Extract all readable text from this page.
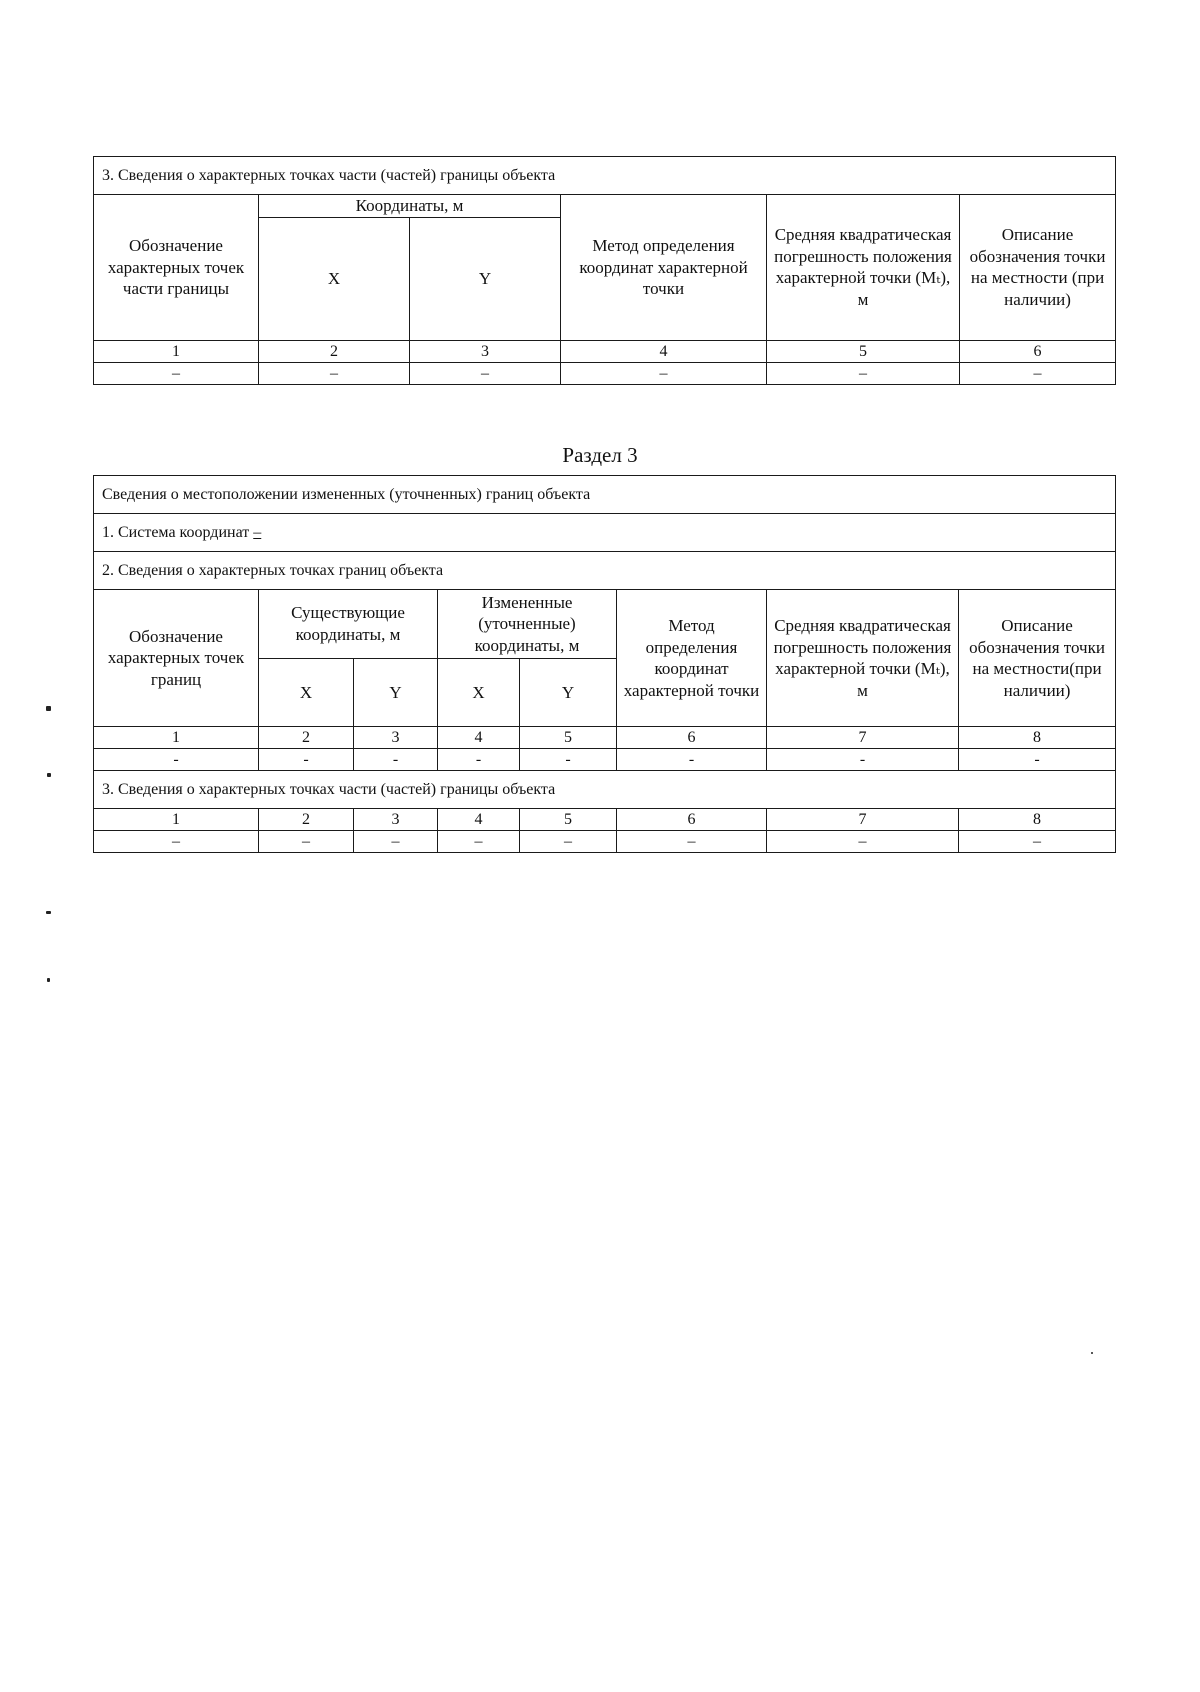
3. Сведения о характерных точках части (частей) границы объекта					
Обозначение характерных точек части границы	Координаты, м		Метод определения координат характерной точки	Средняя квадратическая погрешность положения характерной точки (Mₜ), м	Описание обозначения точки на местности (при наличии)
	X	Y			
1	2	3	4	5	6
–	–	–	–	–	–
Раздел 3
Сведения о местоположении измененных (уточненных) границ объекта							
1. Система координат –							
2. Сведения о характерных точках границ объекта							
Обозначение характерных точек границ	Существующие координаты, м		Измененные (уточненные) координаты, м		Метод определения координат характерной точки	Средняя квадратическая погрешность положения характерной точки (Mₜ), м	Описание обозначения точки на местности(при наличии)
	X	Y	X	Y			
1	2	3	4	5	6	7	8
-	-	-	-	-	-	-	-
3. Сведения о характерных точках части (частей) границы объекта							
1	2	3	4	5	6	7	8
–	–	–	–	–	–	–	–
